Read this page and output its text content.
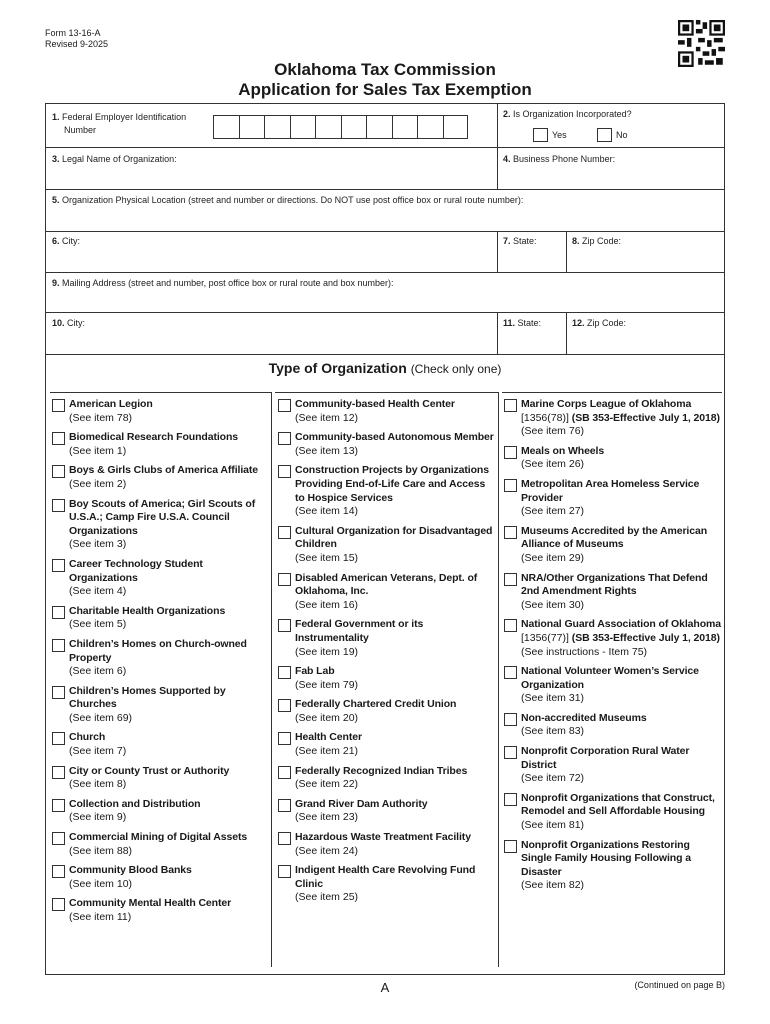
Form 13-16-A
Revised 9-2025
Oklahoma Tax Commission
Application for Sales Tax Exemption
1. Federal Employer Identification
Number
2. Is Organization Incorporated?
Yes	No
3. Legal Name of Organization:	4. Business Phone Number:
5. Organization Physical Location (street and number or directions. Do NOT use post office box or rural route number):
6. City:	7. State:	8. Zip Code:
9. Mailing Address (street and number, post office box or rural route and box number):
10. City:	11. State:	12. Zip Code:
Type of Organization (Check only one)
American Legion
(See item 78)
Biomedical Research Foundations
(See item 1)
Boys & Girls Clubs of America Affiliate
(See item 2)
Boy Scouts of America; Girl Scouts of U.S.A.; Camp Fire U.S.A. Council Organizations
(See item 3)
Career Technology Student Organizations
(See item 4)
Charitable Health Organizations
(See item 5)
Children’s Homes on Church-owned Property
(See item 6)
Children’s Homes Supported by Churches
(See item 69)
Church
(See item 7)
City or County Trust or Authority
(See item 8)
Collection and Distribution
(See item 9)
Commercial Mining of Digital Assets
(See item 88)
Community Blood Banks
(See item 10)
Community Mental Health Center
(See item 11)
Community-based Health Center
(See item 12)
Community-based Autonomous Member
(See item 13)
Construction Projects by Organizations Providing End-of-Life Care and Access to Hospice Services
(See item 14)
Cultural Organization for Disadvantaged Children
(See item 15)
Disabled American Veterans, Dept. of Oklahoma, Inc.
(See item 16)
Federal Government or its Instrumentality
(See item 19)
Fab Lab
(See item 79)
Federally Chartered Credit Union
(See item 20)
Health Center
(See item 21)
Federally Recognized Indian Tribes
(See item 22)
Grand River Dam Authority
(See item 23)
Hazardous Waste Treatment Facility
(See item 24)
Indigent Health Care Revolving Fund Clinic
(See item 25)
Marine Corps League of Oklahoma
[1356(78)] (SB 353-Effective July 1, 2018)
(See item 76)
Meals on Wheels
(See item 26)
Metropolitan Area Homeless Service Provider
(See item 27)
Museums Accredited by the American Alliance of Museums
(See item 29)
NRA/Other Organizations That Defend 2nd Amendment Rights
(See item 30)
National Guard Association of Oklahoma
[1356(77)] (SB 353-Effective July 1, 2018)
(See instructions - Item 75)
National Volunteer Women’s Service Organization
(See item 31)
Non-accredited Museums
(See item 83)
Nonprofit Corporation Rural Water District
(See item 72)
Nonprofit Organizations that Construct, Remodel and Sell Affordable Housing
(See item 81)
Nonprofit Organizations Restoring Single Family Housing Following a Disaster
(See item 82)
A	(Continued on page B)
